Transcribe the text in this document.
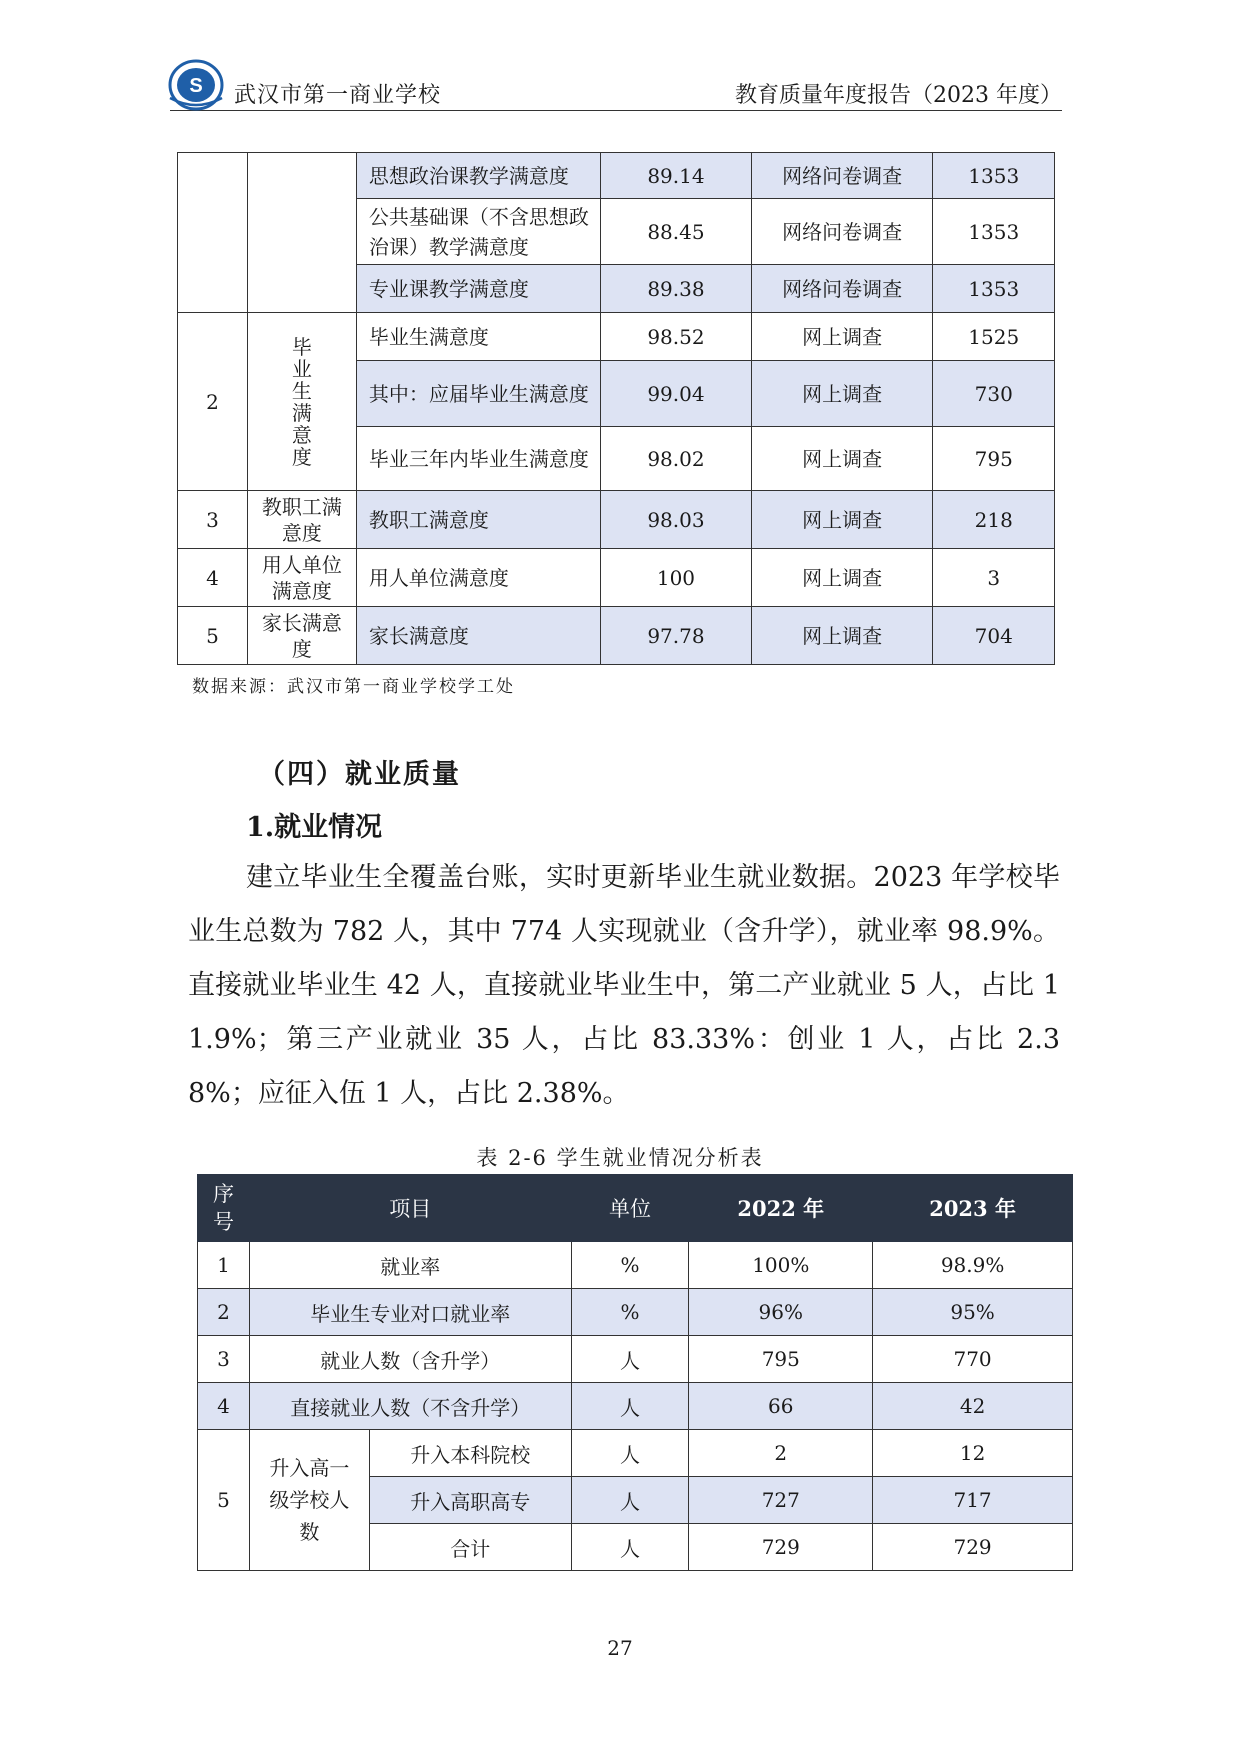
S 武汉市第一商业学校	教育质量年度报告（2023 年度）
		思想政治课教学满意度	89.14	网络问卷调查	1353
		公共基础课（不含思想政治课）教学满意度	88.45	网络问卷调查	1353
		专业课教学满意度	89.38	网络问卷调查	1353
2	毕业生满意度	毕业生满意度	98.52	网上调查	1525
		其中：应届毕业生满意度	99.04	网上调查	730
		毕业三年内毕业生满意度	98.02	网上调查	795
3	教职工满意度	教职工满意度	98.03	网上调查	218
4	用人单位满意度	用人单位满意度	100	网上调查	3
5	家长满意度	家长满意度	97.78	网上调查	704
数据来源：武汉市第一商业学校学工处
（四）就业质量
1.就业情况
建立毕业生全覆盖台账，实时更新毕业生就业数据。2023 年学校毕业生总数为 782 人，其中 774 人实现就业（含升学），就业率 98.9%。直接就业毕业生 42 人，直接就业毕业生中，第二产业就业 5 人，占比 11.9%；第三产业就业 35 人，占比 83.33%：创业 1 人，占比 2.38%；应征入伍 1 人，占比 2.38%。
表 2-6 学生就业情况分析表
序号	项目		单位	2022 年	2023 年
1	就业率		%	100%	98.9%
2	毕业生专业对口就业率		%	96%	95%
3	就业人数（含升学）		人	795	770
4	直接就业人数（不含升学）		人	66	42
5	升入高一级学校人数	升入本科院校	人	2	12
		升入高职高专	人	727	717
		合计	人	729	729
27
